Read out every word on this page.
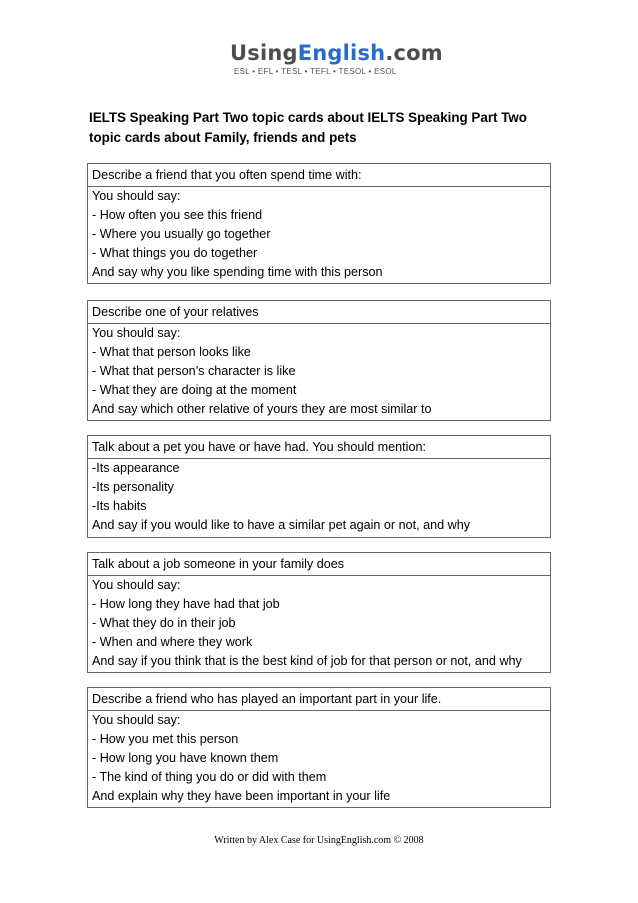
UsingEnglish.com
ESL • EFL • TESL • TEFL • TESOL • ESOL

IELTS Speaking Part Two topic cards about IELTS Speaking Part Two topic cards about Family, friends and pets

Describe a friend that you often spend time with:
You should say:
- How often you see this friend
- Where you usually go together
- What things you do together
And say why you like spending time with this person
Describe one of your relatives
You should say:
- What that person looks like
- What that person’s character is like
- What they are doing at the moment
And say which other relative of yours they are most similar to
Talk about a pet you have or have had. You should mention:
-Its appearance
-Its personality
-Its habits
And say if you would like to have a similar pet again or not, and why
Talk about a job someone in your family does
You should say:
- How long they have had that job
- What they do in their job
- When and where they work
And say if you think that is the best kind of job for that person or not, and why
Describe a friend who has played an important part in your life.
You should say:
- How you met this person
- How long you have known them
- The kind of thing you do or did with them
And explain why they have been important in your life
Written by Alex Case for UsingEnglish.com © 2008
